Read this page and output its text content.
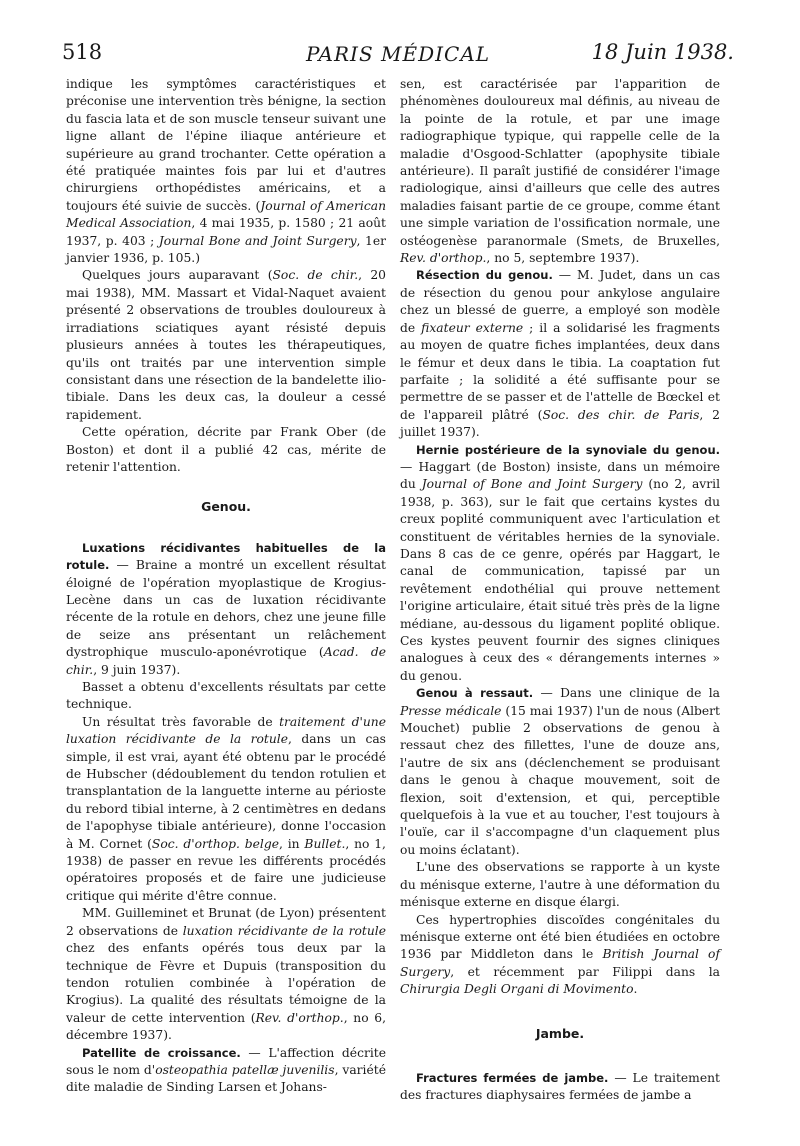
518	PARIS MÉDICAL	18 Juin 1938.

indique les symptômes caractéristiques et préconise une intervention très bénigne, la section du fascia lata et de son muscle tenseur suivant une ligne allant de l'épine iliaque antérieure et supérieure au grand trochanter. Cette opération a été pratiquée maintes fois par lui et d'autres chirurgiens orthopédistes américains, et a toujours été suivie de succès. (Journal of American Medical Association, 4 mai 1935, p. 1580 ; 21 août 1937, p. 403 ; Journal Bone and Joint Surgery, 1er janvier 1936, p. 105.)

Quelques jours auparavant (Soc. de chir., 20 mai 1938), MM. Massart et Vidal-Naquet avaient présenté 2 observations de troubles douloureux à irradiations sciatiques ayant résisté depuis plusieurs années à toutes les thérapeutiques, qu'ils ont traités par une intervention simple consistant dans une résection de la bandelette ilio-tibiale. Dans les deux cas, la douleur a cessé rapidement.

Cette opération, décrite par Frank Ober (de Boston) et dont il a publié 42 cas, mérite de retenir l'attention.

Genou.

Luxations récidivantes habituelles de la rotule. — Braine a montré un excellent résultat éloigné de l'opération myoplastique de Krogius-Lecène dans un cas de luxation récidivante récente de la rotule en dehors, chez une jeune fille de seize ans présentant un relâchement dystrophique musculo-aponévrotique (Acad. de chir., 9 juin 1937).

Basset a obtenu d'excellents résultats par cette technique.

Un résultat très favorable de traitement d'une luxation récidivante de la rotule, dans un cas simple, il est vrai, ayant été obtenu par le procédé de Hubscher (dédoublement du tendon rotulien et transplantation de la languette interne au périoste du rebord tibial interne, à 2 centimètres en dedans de l'apophyse tibiale antérieure), donne l'occasion à M. Cornet (Soc. d'orthop. belge, in Bullet., no 1, 1938) de passer en revue les différents procédés opératoires proposés et de faire une judicieuse critique qui mérite d'être connue.

MM. Guilleminet et Brunat (de Lyon) présentent 2 observations de luxation récidivante de la rotule chez des enfants opérés tous deux par la technique de Fèvre et Dupuis (transposition du tendon rotulien combinée à l'opération de Krogius). La qualité des résultats témoigne de la valeur de cette intervention (Rev. d'orthop., no 6, décembre 1937).

Patellite de croissance. — L'affection décrite sous le nom d'osteopathia patellæ juvenilis, variété dite maladie de Sinding Larsen et Johans-

sen, est caractérisée par l'apparition de phénomènes douloureux mal définis, au niveau de la pointe de la rotule, et par une image radiographique typique, qui rappelle celle de la maladie d'Osgood-Schlatter (apophysite tibiale antérieure). Il paraît justifié de considérer l'image radiologique, ainsi d'ailleurs que celle des autres maladies faisant partie de ce groupe, comme étant une simple variation de l'ossification normale, une ostéogenèse paranormale (Smets, de Bruxelles, Rev. d'orthop., no 5, septembre 1937).

Résection du genou. — M. Judet, dans un cas de résection du genou pour ankylose angulaire chez un blessé de guerre, a employé son modèle de fixateur externe ; il a solidarisé les fragments au moyen de quatre fiches implantées, deux dans le fémur et deux dans le tibia. La coaptation fut parfaite ; la solidité a été suffisante pour se permettre de se passer et de l'attelle de Bœckel et de l'appareil plâtré (Soc. des chir. de Paris, 2 juillet 1937).

Hernie postérieure de la synoviale du genou. — Haggart (de Boston) insiste, dans un mémoire du Journal of Bone and Joint Surgery (no 2, avril 1938, p. 363), sur le fait que certains kystes du creux poplité communiquent avec l'articulation et constituent de véritables hernies de la synoviale. Dans 8 cas de ce genre, opérés par Haggart, le canal de communication, tapissé par un revêtement endothélial qui prouve nettement l'origine articulaire, était situé très près de la ligne médiane, au-dessous du ligament poplité oblique. Ces kystes peuvent fournir des signes cliniques analogues à ceux des « dérangements internes » du genou.

Genou à ressaut. — Dans une clinique de la Presse médicale (15 mai 1937) l'un de nous (Albert Mouchet) publie 2 observations de genou à ressaut chez des fillettes, l'une de douze ans, l'autre de six ans (déclenchement se produisant dans le genou à chaque mouvement, soit de flexion, soit d'extension, et qui, perceptible quelquefois à la vue et au toucher, l'est toujours à l'ouïe, car il s'accompagne d'un claquement plus ou moins éclatant).

L'une des observations se rapporte à un kyste du ménisque externe, l'autre à une déformation du ménisque externe en disque élargi.

Ces hypertrophies discoïdes congénitales du ménisque externe ont été bien étudiées en octobre 1936 par Middleton dans le British Journal of Surgery, et récemment par Filippi dans la Chirurgia Degli Organi di Movimento.

Jambe.

Fractures fermées de jambe. — Le traitement des fractures diaphysaires fermées de jambe a
